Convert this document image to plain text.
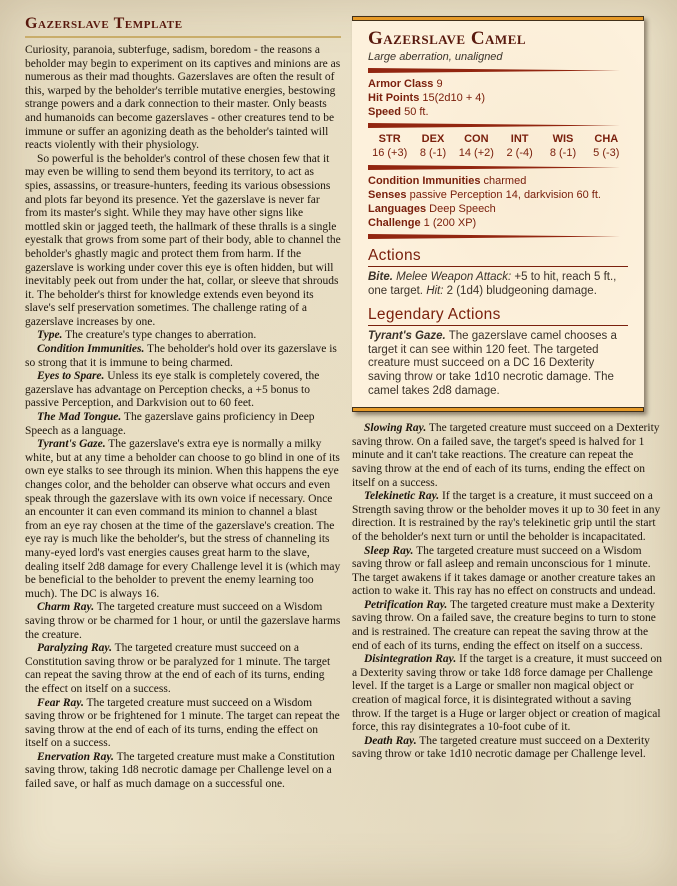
Gazerslave Template

Curiosity, paranoia, subterfuge, sadism, boredom - the reasons a beholder may begin to experiment on its captives and minions are as numerous as their mad thoughts. Gazerslaves are often the result of this, warped by the beholder's terrible mutative energies, bestowing strange powers and a dark connection to their master. Only beasts and humanoids can become gazerslaves - other creatures tend to be immune or suffer an agonizing death as the beholder's tainted will reacts violently with their physiology.

So powerful is the beholder's control of these chosen few that it may even be willing to send them beyond its territory, to act as spies, assassins, or treasure-hunters, feeding its various obsessions and plots far beyond its presence. Yet the gazerslave is never far from its master's sight. While they may have other signs like mottled skin or jagged teeth, the hallmark of these thralls is a single eyestalk that grows from some part of their body, able to channel the beholder's ghastly magic and protect them from harm. If the gazerslave is working under cover this eye is often hidden, but will inevitably peek out from under the hat, collar, or sleeve that shrouds it. The beholder's thirst for knowledge extends even beyond its slave's self preservation sometimes. The challenge rating of a gazerslave increases by one.

Type. The creature's type changes to aberration.

Condition Immunities. The beholder's hold over its gazerslave is so strong that it is immune to being charmed.

Eyes to Spare. Unless its eye stalk is completely covered, the gazerslave has advantage on Perception checks, a +5 bonus to passive Perception, and Darkvision out to 60 feet.

The Mad Tongue. The gazerslave gains proficiency in Deep Speech as a language.

Tyrant's Gaze. The gazerslave's extra eye is normally a milky white, but at any time a beholder can choose to go blind in one of its own eye stalks to see through its minion. When this happens the eye changes color, and the beholder can observe what occurs and even speak through the gazerslave with its own voice if necessary. Once an encounter it can even command its minion to channel a blast from an eye ray chosen at the time of the gazerslave's creation. The eye ray is much like the beholder's, but the stress of channeling its many-eyed lord's vast energies causes great harm to the slave, dealing itself 2d8 damage for every Challenge level it is (which may be beneficial to the beholder to prevent the enemy learning too much). The DC is always 16.

Charm Ray. The targeted creature must succeed on a Wisdom saving throw or be charmed for 1 hour, or until the gazerslave harms the creature.

Paralyzing Ray. The targeted creature must succeed on a Constitution saving throw or be paralyzed for 1 minute. The target can repeat the saving throw at the end of each of its turns, ending the effect on itself on a success.

Fear Ray. The targeted creature must succeed on a Wisdom saving throw or be frightened for 1 minute. The target can repeat the saving throw at the end of each of its turns, ending the effect on itself on a success.

Enervation Ray. The targeted creature must make a Constitution saving throw, taking 1d8 necrotic damage per Challenge level on a failed save, or half as much damage on a successful one.

Gazerslave Camel
Large aberration, unaligned
Armor Class 9
Hit Points 15(2d10 + 4)
Speed 50 ft.
STR
16 (+3)
DEX
8 (-1)
CON
14 (+2)
INT
2 (-4)
WIS
8 (-1)
CHA
5 (-3)
Condition Immunities charmed
Senses passive Perception 14, darkvision 60 ft.
Languages Deep Speech
Challenge 1 (200 XP)
Actions

Bite. Melee Weapon Attack: +5 to hit, reach 5 ft., one target. Hit: 2 (1d4) bludgeoning damage.

Legendary Actions

Tyrant's Gaze. The gazerslave camel chooses a target it can see within 120 feet. The targeted creature must succeed on a DC 16 Dexterity saving throw or take 1d10 necrotic damage. The camel takes 2d8 damage.

Slowing Ray. The targeted creature must succeed on a Dexterity saving throw. On a failed save, the target's speed is halved for 1 minute and it can't take reactions. The creature can repeat the saving throw at the end of each of its turns, ending the effect on itself on a success.

Telekinetic Ray. If the target is a creature, it must succeed on a Strength saving throw or the beholder moves it up to 30 feet in any direction. It is restrained by the ray's telekinetic grip until the start of the beholder's next turn or until the beholder is incapacitated.

Sleep Ray. The targeted creature must succeed on a Wisdom saving throw or fall asleep and remain unconscious for 1 minute. The target awakens if it takes damage or another creature takes an action to wake it. This ray has no effect on constructs and undead.

Petrification Ray. The targeted creature must make a Dexterity saving throw. On a failed save, the creature begins to turn to stone and is restrained. The creature can repeat the saving throw at the end of each of its turns, ending the effect on itself on a success.

Disintegration Ray. If the target is a creature, it must succeed on a Dexterity saving throw or take 1d8 force damage per Challenge level. If the target is a Large or smaller non magical object or creation of magical force, it is disintegrated without a saving throw. If the target is a Huge or larger object or creation of magical force, this ray disintegrates a 10-foot cube of it.

Death Ray. The targeted creature must succeed on a Dexterity saving throw or take 1d10 necrotic damage per Challenge level.
